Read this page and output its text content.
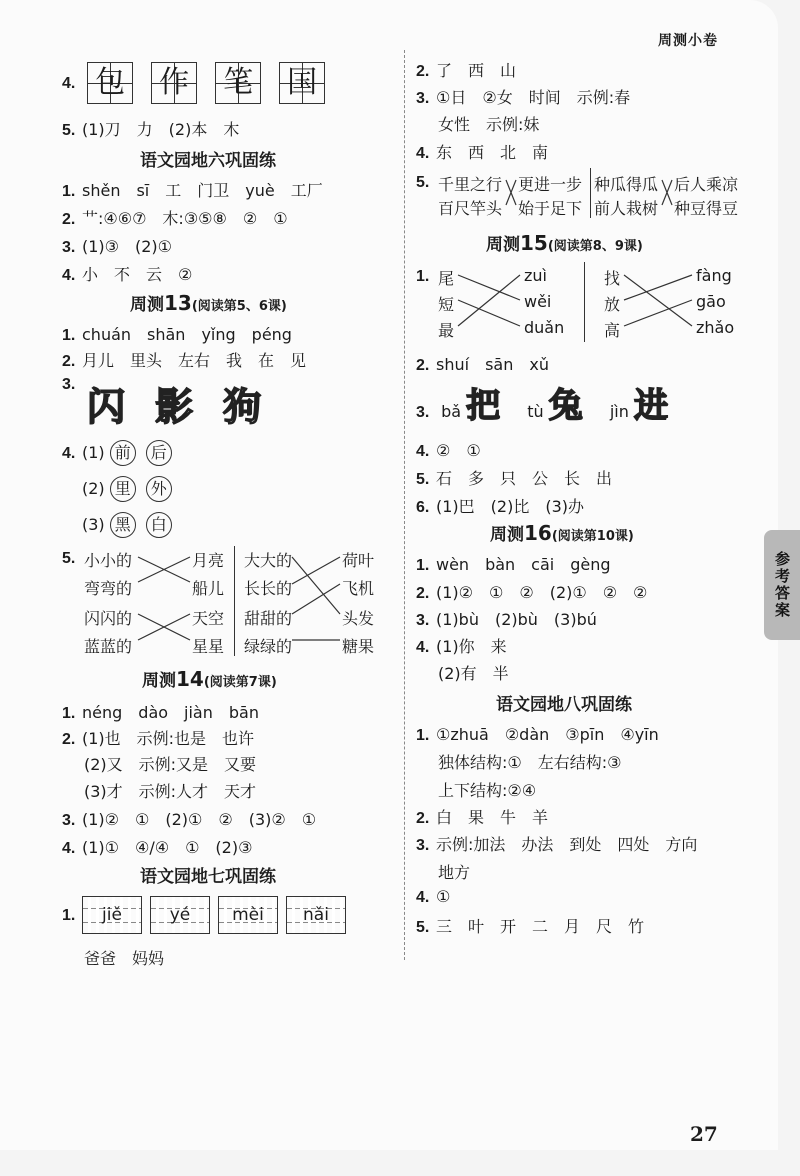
周测小卷
4. 包 作 笔 国
5. (1)刀　力　(2)本　木
语文园地六巩固练
1. shěn　sī　工　门卫　yuè　工厂
2. 艹:④⑥⑦　木:③⑤⑧　②　①
3. (1)③　(2)①
4. 小　不　云　②
周测13(阅读第5、6课)
1. chuán　shān　yǐng　péng
2. 月儿　里头　左右　我　在　见
3. 闪 影 狗
4. (1) 前 后
(2) 里 外
(3) 黑 白
5. 小小的
弯弯的
闪闪的
蓝蓝的
月亮
船儿
天空
星星
大大的
长长的
甜甜的
绿绿的
荷叶
飞机
头发
糖果
周测14(阅读第7课)
1. néng　dào　jiàn　bān
2. (1)也　示例:也是　也许
(2)又　示例:又是　又要
(3)才　示例:人才　天才
3. (1)②　①　(2)①　②　(3)②　①
4. (1)①　④/④　①　(2)③
语文园地七巩固练
1. jiě	yé mèi nǎi
爸爸　妈妈
2. 了　西　山
3. ①日　②女　时间　示例:春
女性　示例:妹
4. 东　西　北　南
5. 千里之行
百尺竿头
更进一步
始于足下
种瓜得瓜
前人栽树
后人乘凉
种豆得豆
周测15(阅读第8、9课)
1. 尾
短
最
zuì
wěi
duǎn
找
放
高
fàng
gāo
zhǎo
2. shuí　sān　xǔ
3. bǎ 把 tù 兔 jìn 进
4. ②　①
5. 石　多　只　公　长　出
6. (1)巴　(2)比　(3)办
周测16(阅读第10课)
1. wèn　bàn　cāi　gèng
2. (1)②　①　②　(2)①　②　②
3. (1)bù　(2)bù　(3)bú
4. (1)你　来
(2)有　半
语文园地八巩固练
1. ①zhuā　②dàn　③pīn　④yīn
独体结构:①　左右结构:③
上下结构:②④
2. 白　果　牛　羊
3. 示例:加法　办法　到处　四处　方向
地方
4. ①
5. 三　叶　开　二　月　尺　竹
参考答案
27
